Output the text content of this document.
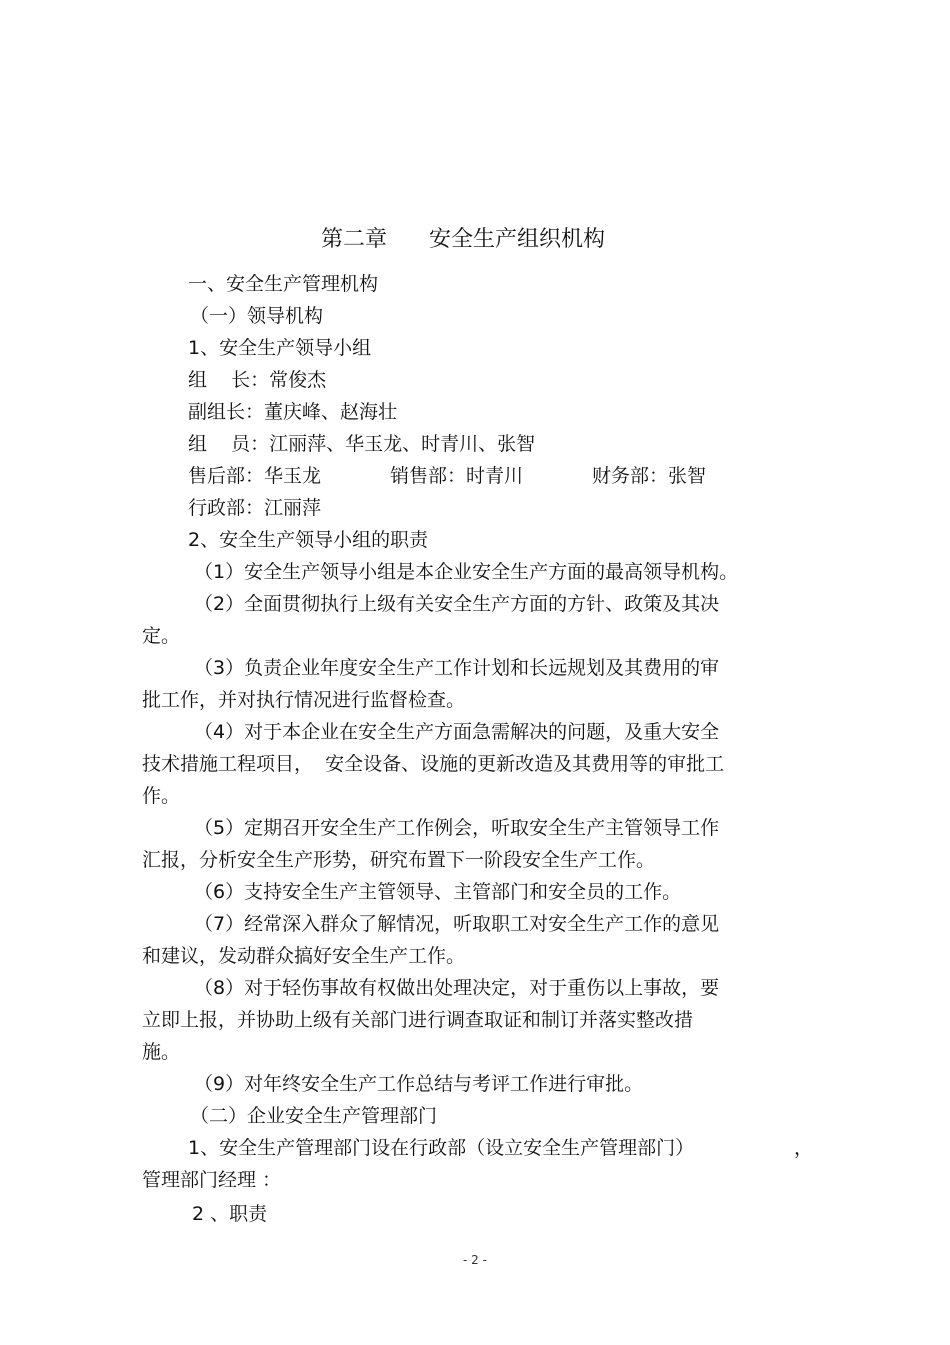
第二章      安全生产组织机构
一、安全生产管理机构
（一）领导机构
1、安全生产领导小组
组    长：常俊杰
副组长：董庆峰、赵海壮
组    员：江丽萍、华玉龙、时青川、张智

售后部：华玉龙

	销售部：时青川

	财务部：张智

行政部：江丽萍
2、安全生产领导小组的职责
（1）安全生产领导小组是本企业安全生产方面的最高领导机构。
（2）全面贯彻执行上级有关安全生产方面的方针、政策及其决
定。
（3）负责企业年度安全生产工作计划和长远规划及其费用的审
批工作，并对执行情况进行监督检查。
（4）对于本企业在安全生产方面急需解决的问题，及重大安全
技术措施工程项目，  安全设备、设施的更新改造及其费用等的审批工
作。
（5）定期召开安全生产工作例会，听取安全生产主管领导工作
汇报，分析安全生产形势，研究布置下一阶段安全生产工作。
（6）支持安全生产主管领导、主管部门和安全员的工作。
（7）经常深入群众了解情况，听取职工对安全生产工作的意见
和建议，发动群众搞好安全生产工作。
（8）对于轻伤事故有权做出处理决定，对于重伤以上事故，要
立即上报，并协助上级有关部门进行调查取证和制订并落实整改措
施。
（9）对年终安全生产工作总结与考评工作进行审批。
（二）企业安全生产管理部门
1、安全生产管理部门设在行政部（设立安全生产管理部门）	，
管理部门经理 ：
2 、职责
- 2 -
